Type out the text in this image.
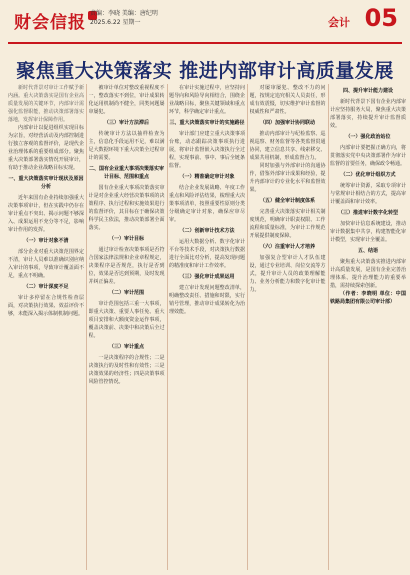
财会信报 责编：李晓 美编：唐纪明
2025.6.22 星期一	会计 05
聚焦重大决策落实 推进内部审计高质量发展

新时代背景对审计工作赋予新内涵。重大决策落实是国有企业高质量发展的关键环节，内部审计需强化监督职能，推动决策部署落实落地，发挥审计保障作用。

内部审计以促进组织实现目标为宗旨，对经营活动及内部控制进行独立客观的监督评价，是现代企业治理体系的重要组成部分。聚焦重大决策部署落实情况开展审计，有助于推动企业战略目标实现。

一、重大决策落实审计现状及原因分析

近年来国有企业持续加强重大决策事项审计，但在实践中仍存在审计重点不突出、揭示问题不够深入、成果运用不充分等不足，影响审计作用的发挥。

（一）审计对象不清

部分企业对重大决策范围界定不清，审计人员难以准确识别应纳入审计的事项，导致审计覆盖面不足，重点不明确。

（二）审计深度不足

审计多停留在合规性检查层面，对决策执行效果、效益评价不够，未能深入揭示体制机制问题。

被审计单位对整改重视程度不一，整改落实不到位，审计成果转化运用机制尚不健全，同类问题屡审屡犯。

（三）审计方法滞后

传统审计方法以抽样检查为主，信息化手段运用不足，难以满足大数据环境下重大决策全过程审计的需要。

二、国有企业重大事项决策落实审计目标、范围和重点

国有企业重大事项决策落实审计是对企业重大经营决策事项的决策程序、执行过程和实施效果进行的监督评价，其目标在于确保决策科学民主依法，推动决策部署全面落实。

（一）审计目标

通过审计检查决策事项是否符合国家法律法规和企业章程规定，决策程序是否规范，执行是否到位，效果是否达到预期，及时发现并纠正偏差。

（二）审计范围

审计范围包括三重一大事项，即重大决策、重要人事任免、重大项目安排和大额度资金运作事项，覆盖决策前、决策中和决策后全过程。

（三）审计重点

一是决策程序的合规性；二是决策执行的及时性和有效性；三是决策效果的经济性；四是决策事项风险管控情况。

在审计实施过程中，应坚持问题导向和风险导向相结合，围绕企业战略目标，聚焦关键领域和重点环节，科学确定审计重点。

三、重大决策落实审计的实施路径

审计部门应建立重大决策事项台账，动态跟踪决策事项执行进展，将审计监督嵌入决策执行全过程，实现事前、事中、事后全链条监督。

（一）精准确定审计对象

结合企业发展战略、年度工作重点和风险评估结果，梳理重大决策事项清单，按照重要性原则分类分级确定审计对象，确保应审尽审。

（二）创新审计技术方法

运用大数据分析、数字化审计平台等技术手段，对决策执行数据进行全面比对分析，提高发现问题的精准度和审计工作效率。

（三）强化审计成果运用

建立审计发现问题整改清单，明确整改责任、措施和时限，实行销号管理，推动审计成果转化为治理效能。

对屡审屡犯、整改不力的问题，按规定追究相关人员责任，形成有效震慑，切实维护审计监督的权威性和严肃性。

（四）加强审计协同联动

推动内部审计与纪检监察、巡视巡察、财务监督等各类监督贯通协同，建立信息共享、线索移交、成果共用机制，形成监督合力。

同时加强与外部审计的沟通协作，借鉴外部审计成果和经验，提升内部审计的专业化水平和监督效果。

（五）健全审计制度体系

完善重大决策落实审计相关制度规范，明确审计职责权限、工作流程和质量标准，为审计工作规范开展提供制度保障。

（六）注重审计人才培养

加强复合型审计人才队伍建设，通过专业培训、岗位交流等方式，提升审计人员的政策理解能力、业务分析能力和数字化审计能力。

四、提升审计能力建设

新时代背景下国有企业内部审计应坚持服务大局，聚焦重大决策部署落实，持续提升审计监督质效。

（一）强化政治站位

内部审计要把握正确方向，将贯彻落实党中央决策部署作为审计监督的首要任务，确保政令畅通。

（二）优化审计组织方式

统筹审计资源，采取专项审计与常规审计相结合的方式，提高审计覆盖面和审计效率。

（三）推进审计数字化转型

加快审计信息系统建设，推动审计数据集中共享，构建智能化审计模型，实现审计全覆盖。

五、结语

聚焦重大决策落实推进内部审计高质量发展，是国有企业完善治理体系、提升治理能力的重要举措，需持续探索创新。

（作者：李晓明 单位：中国铁路局集团有限公司审计部）
